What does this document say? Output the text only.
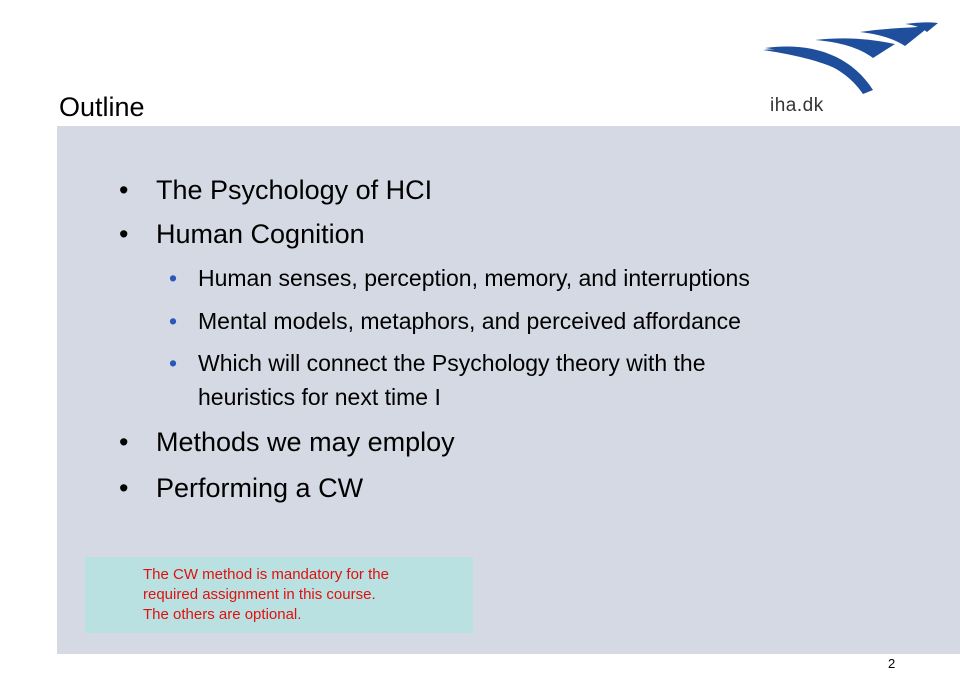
Outline	iha.dk
• The Psychology of HCI
• Human Cognition
• Human senses, perception, memory, and interruptions
• Mental models, metaphors, and perceived affordance
• Which will connect the Psychology theory with the
heuristics for next time I
• Methods we may employ
• Performing a CW
The CW method is mandatory for the
required assignment in this course.
The others are optional.
2
